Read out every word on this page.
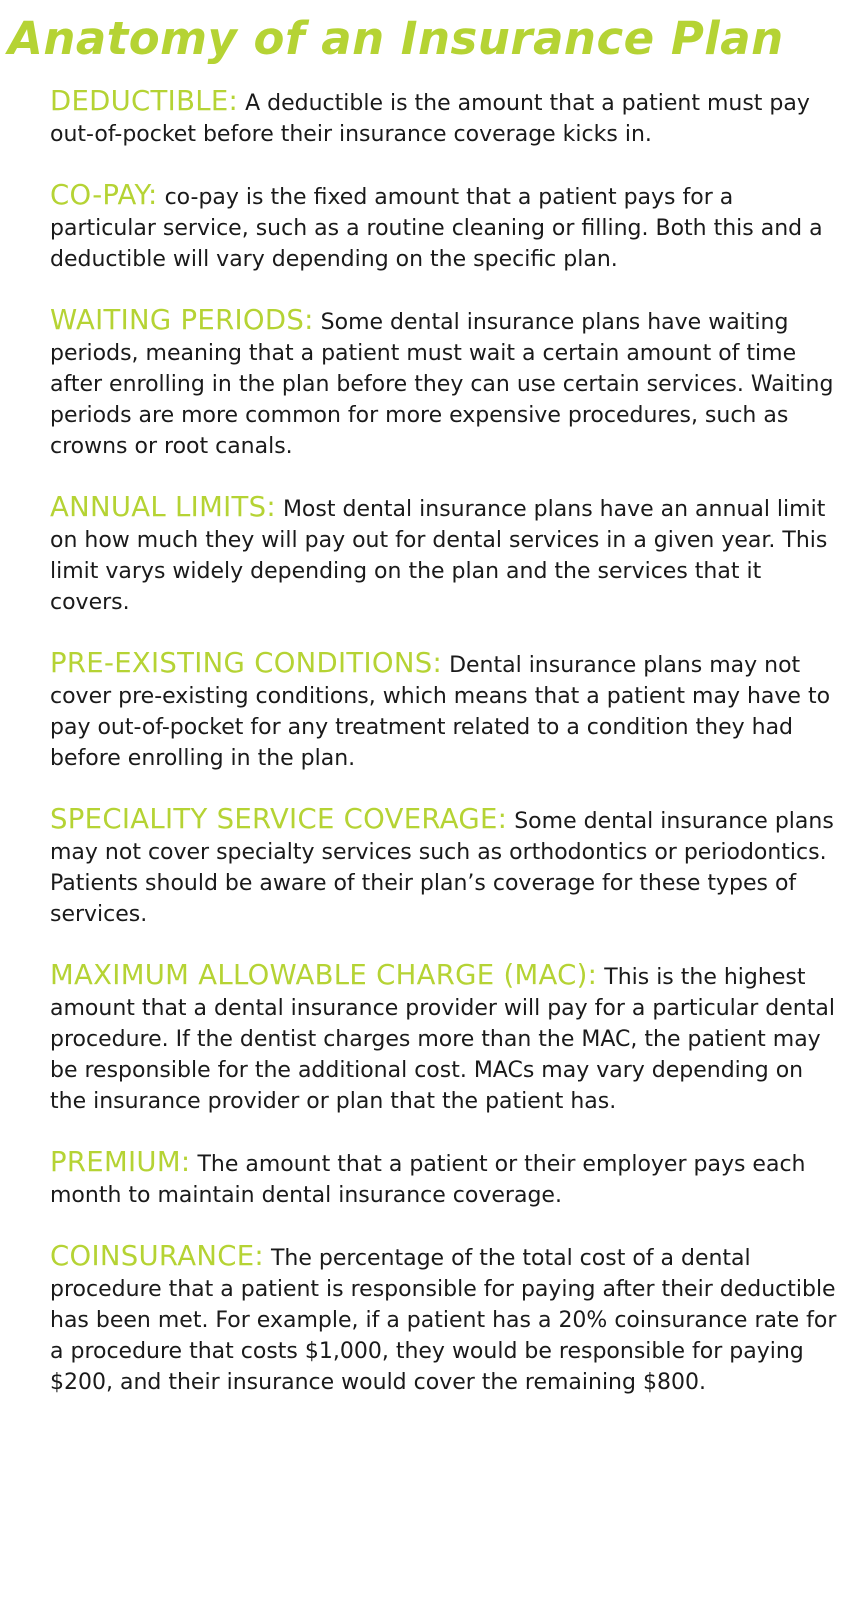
Anatomy of an Insurance Plan

DEDUCTIBLE: A deductible is the amount that a patient must pay out-of-pocket before their insurance coverage kicks in.

CO-PAY: co-pay is the fixed amount that a patient pays for a particular service, such as a routine cleaning or filling. Both this and a deductible will vary depending on the specific plan.

WAITING PERIODS: Some dental insurance plans have waiting periods, meaning that a patient must wait a certain amount of time after enrolling in the plan before they can use certain services. Waiting periods are more common for more expensive procedures, such as crowns or root canals.

ANNUAL LIMITS: Most dental insurance plans have an annual limit on how much they will pay out for dental services in a given year. This limit varys widely depending on the plan and the services that it covers.

PRE-EXISTING CONDITIONS: Dental insurance plans may not cover pre-existing conditions, which means that a patient may have to pay out-of-pocket for any treatment related to a condition they had before enrolling in the plan.

SPECIALITY SERVICE COVERAGE: Some dental insurance plans may not cover specialty services such as orthodontics or periodontics. Patients should be aware of their plan’s coverage for these types of services.

MAXIMUM ALLOWABLE CHARGE (MAC): This is the highest amount that a dental insurance provider will pay for a particular dental procedure. If the dentist charges more than the MAC, the patient may be responsible for the additional cost. MACs may vary depending on the insurance provider or plan that the patient has.

PREMIUM: The amount that a patient or their employer pays each month to maintain dental insurance coverage.

COINSURANCE: The percentage of the total cost of a dental procedure that a patient is responsible for paying after their deductible has been met. For example, if a patient has a 20% coinsurance rate for a procedure that costs $1,000, they would be responsible for paying $200, and their insurance would cover the remaining $800.
